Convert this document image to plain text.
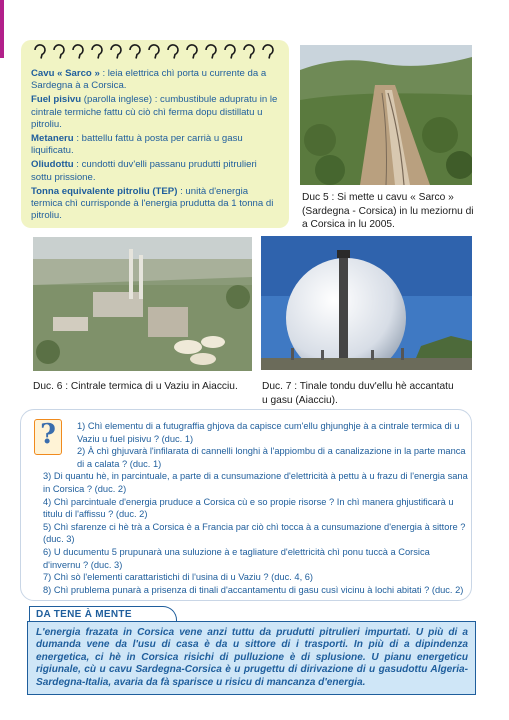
Cavu « Sarco » : leia elettrica chì porta u currente da a Sardegna à a Corsica.

Fuel pisivu (parolla inglese) : cumbustibule adupratu in le cintrale termiche fattu cù ciò chì ferma dopu distillatu u pitroliu.

Metaneru : battellu fattu à posta per carrià u gasu liquificatu.

Oliudottu : cundotti duv'elli passanu prudutti pitrulieri sottu prissione.

Tonna equivalente pitroliu (TEP) : unità d'energia termica chì currisponde à l'energia prudutta da 1 tonna di pitroliu.

Duc 5 : Si mette u cavu « Sarco » (Sardegna - Corsica) in lu meziornu di a Corsica in lu 2005.
Duc. 6 : Cintrale termica di u Vaziu in Aiacciu.	Duc. 7 : Tinale tondu duv'ellu hè accantatu u gasu (Aiacciu).
?	1) Chì elementu di a futugraffia ghjova da capisce cum'ellu ghjunghje à a cintrale termica di u Vaziu u fuel pisivu ? (duc. 1)
2) À chì ghjuvarà l'infilarata di cannelli longhi à l'appiombu di a canalizazione in la parte manca di a calata ? (duc. 1)
3) Di quantu hè, in parcintuale, a parte di a cunsumazione d'elettricità à pettu à u frazu di l'energia sana in Corsica ? (duc. 2)
4) Chì parcintuale d'energia pruduce a Corsica cù e so propie risorse ? In chì manera ghjustificarà u titulu di l'affissu ? (duc. 2)
5) Chì sfarenze ci hè trà a Corsica è a Francia par ciò chì tocca à a cunsumazione d'energia à sittore ? (duc. 3)
6) U ducumentu 5 prupunarà una suluzione à e tagliature d'elettricità chì ponu tuccà a Corsica d'invernu ? (duc. 3)
7) Chì sò l'elementi carattaristichi di l'usina di u Vaziu ? (duc. 4, 6)
8) Chì prublema punarà a prisenza di tinali d'accantamentu di gasu cusì vicinu à lochi abitati ? (duc. 2)
DA TENE À MENTE
L'energia frazata in Corsica vene anzi tuttu da prudutti pitrulieri impurtati. U più di a dumanda vene da l'usu di casa è da u sittore di i trasporti. In più di a dipindenza energetica, ci hè in Corsica risichi di pulluzione è di splusione. U pianu energeticu rigiunale, cù u cavu Sardegna-Corsica è u prugettu di dirivazione di u gasudottu Algeria-Sardegna-Italia, avaria da fà sparisce u risicu di mancanza d'energia.
